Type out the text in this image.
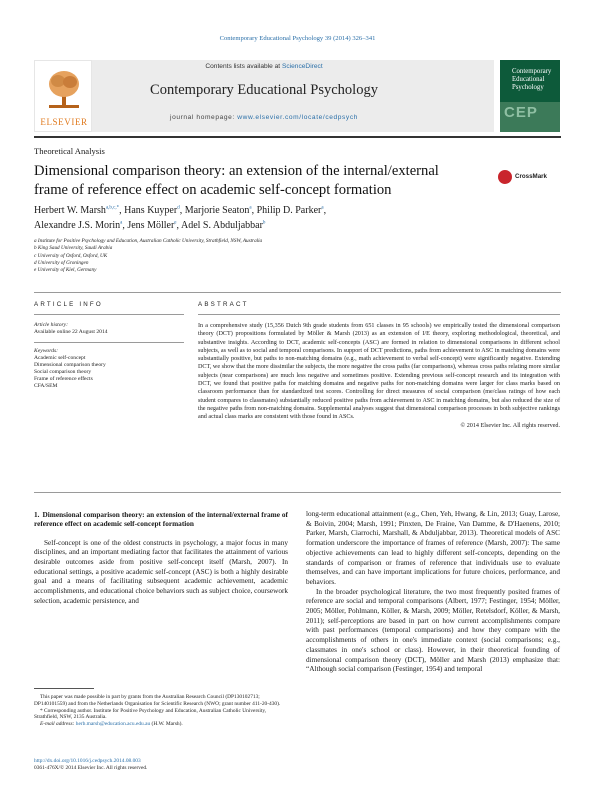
Contemporary Educational Psychology 39 (2014) 326–341
Contents lists available at ScienceDirect
Contemporary Educational Psychology
journal homepage: www.elsevier.com/locate/cedpsych
ELSEVIER
Contemporary Educational Psychology
CEP
Theoretical Analysis
Dimensional comparison theory: an extension of the internal/external frame of reference effect on academic self-concept formation
CrossMark
Herbert W. Marsh$^{a,b,c,*}$, Hans Kuyper$^d$, Marjorie Seaton$^a$, Philip D. Parker$^a$,
Alexandre J.S. Morin$^a$, Jens Möller$^e$, Adel S. Abduljabbar$^b$
a Institute for Positive Psychology and Education, Australian Catholic University, Strathfield, NSW, Australia
b King Saud University, Saudi Arabia
c University of Oxford, Oxford, UK
d University of Groningen
e University of Kiel, Germany
ARTICLE INFO	ABSTRACT
Article history:
Available online 22 August 2014
Keywords:
Academic self-concept
Dimensional comparison theory
Social comparison theory
Frame of reference effects
CFA/SEM
In a comprehensive study (15,356 Dutch 9th grade students from 651 classes in 95 schools) we empirically tested the dimensional comparison theory (DCT) propositions formulated by Möller & Marsh (2013) as an extension of I/E theory, exploring methodological, theoretical, and substantive insights. According to DCT, academic self-concepts (ASC) are formed in relation to dimensional comparisons in different school subjects, as well as to social and temporal comparisons. In support of DCT predictions, paths from achievement to ASC in matching domains were substantially positive, but paths to non-matching domains (e.g., math achievement to verbal self-concept) were significantly negative. Extending DCT, we show that the more dissimilar the subjects, the more negative the cross paths (far comparisons), whereas cross paths relating more similar subjects (near comparisons) are much less negative and sometimes positive. Extending previous self-concept research and its integration with DCT, we found that positive paths for matching domains and negative paths for non-matching domains were larger for class marks based on classroom performance than for standardized test scores. Controlling for direct measures of social comparison (me/class ratings of how each student compares to classmates) substantially reduced positive paths from achievement to ASC in matching domains, but also reduced the size of the negative paths from non-matching domains. Supplemental analyses suggest that dimensional comparison processes in both subjective rankings and actual class marks are consistent with those found in ASCs.
© 2014 Elsevier Inc. All rights reserved.
1. Dimensional comparison theory: an extension of the internal/external frame of reference effect on academic self-concept formation

Self-concept is one of the oldest constructs in psychology, a major focus in many disciplines, and an important mediating factor that facilitates the attainment of various desirable outcomes aside from positive self-concept itself (Marsh, 2007). In educational settings, a positive academic self-concept (ASC) is both a highly desirable goal and a means of facilitating subsequent academic achievement, academic accomplishments, and educational choice behaviors such as subject choice, coursework selection, academic persistence, and

long-term educational attainment (e.g., Chen, Yeh, Hwang, & Lin, 2013; Guay, Larose, & Boivin, 2004; Marsh, 1991; Pinxten, De Fraine, Van Damme, & D'Haenens, 2010; Parker, Marsh, Ciarrochi, Marshall, & Abduljabbar, 2013). Theoretical models of ASC formation underscore the importance of frames of reference (Marsh, 2007): The same objective achievements can lead to highly different self-concepts, depending on the standards of comparison or frames of reference that individuals use to evaluate themselves, and can have important implications for future choices, performance, and behaviors.

In the broader psychological literature, the two most frequently posited frames of reference are social and temporal comparisons (Albert, 1977; Festinger, 1954; Möller, 2005; Möller, Pohlmann, Köller, & Marsh, 2009; Möller, Retelsdorf, Köller, & Marsh, 2011); self-perceptions are based in part on how current accomplishments compare with past performances (temporal comparisons) and how they compare with the accomplishments of others in one's immediate context (social comparisons; e.g., classmates in one's school or class). However, in their theoretical founding of dimensional comparison theory (DCT), Möller and Marsh (2013) emphasize that: “Although social comparison (Festinger, 1954) and temporal

This paper was made possible in part by grants from the Australian Research Council (DP130102713; DP140101559) and from the Netherlands Organisation for Scientific Research (NWO; grant number 411-20-430).

* Corresponding author. Institute for Positive Psychology and Education, Australian Catholic University, Strathfield, NSW, 2135 Australia.

E-mail address: herb.marsh@education.acu.edu.au (H.W. Marsh).

http://dx.doi.org/10.1016/j.cedpsych.2014.08.003
0361-476X/© 2014 Elsevier Inc. All rights reserved.
